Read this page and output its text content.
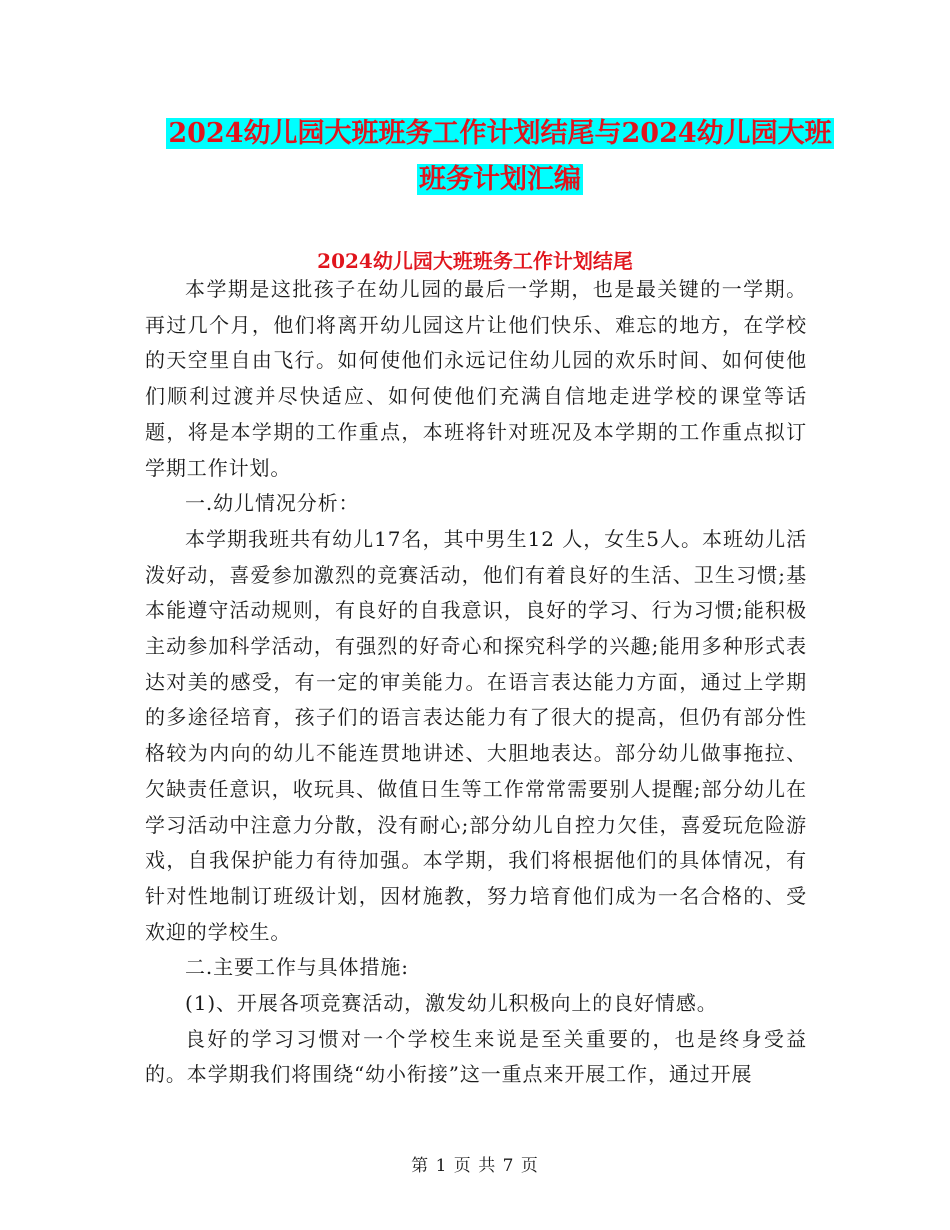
2024幼儿园大班班务工作计划结尾与2024幼儿园大班
班务计划汇编
2024幼儿园大班班务工作计划结尾

本学期是这批孩子在幼儿园的最后一学期，也是最关键的一学期。再过几个月，他们将离开幼儿园这片让他们快乐、难忘的地方，在学校的天空里自由飞行。如何使他们永远记住幼儿园的欢乐时间、如何使他们顺利过渡并尽快适应、如何使他们充满自信地走进学校的课堂等话题，将是本学期的工作重点，本班将针对班况及本学期的工作重点拟订学期工作计划。

一.幼儿情况分析：

本学期我班共有幼儿17名，其中男生12 人，女生5人。本班幼儿活泼好动，喜爱参加激烈的竞赛活动，他们有着良好的生活、卫生习惯;基本能遵守活动规则，有良好的自我意识，良好的学习、行为习惯;能积极主动参加科学活动，有强烈的好奇心和探究科学的兴趣;能用多种形式表达对美的感受，有一定的审美能力。在语言表达能力方面，通过上学期的多途径培育，孩子们的语言表达能力有了很大的提高，但仍有部分性格较为内向的幼儿不能连贯地讲述、大胆地表达。部分幼儿做事拖拉、欠缺责任意识，收玩具、做值日生等工作常常需要别人提醒;部分幼儿在学习活动中注意力分散，没有耐心;部分幼儿自控力欠佳，喜爱玩危险游戏，自我保护能力有待加强。本学期，我们将根据他们的具体情况，有针对性地制订班级计划，因材施教，努力培育他们成为一名合格的、受欢迎的学校生。

二.主要工作与具体措施:

(1)、开展各项竞赛活动，激发幼儿积极向上的良好情感。

良好的学习习惯对一个学校生来说是至关重要的，也是终身受益的。本学期我们将围绕“幼小衔接”这一重点来开展工作，通过开展

第 1 页 共 7 页
